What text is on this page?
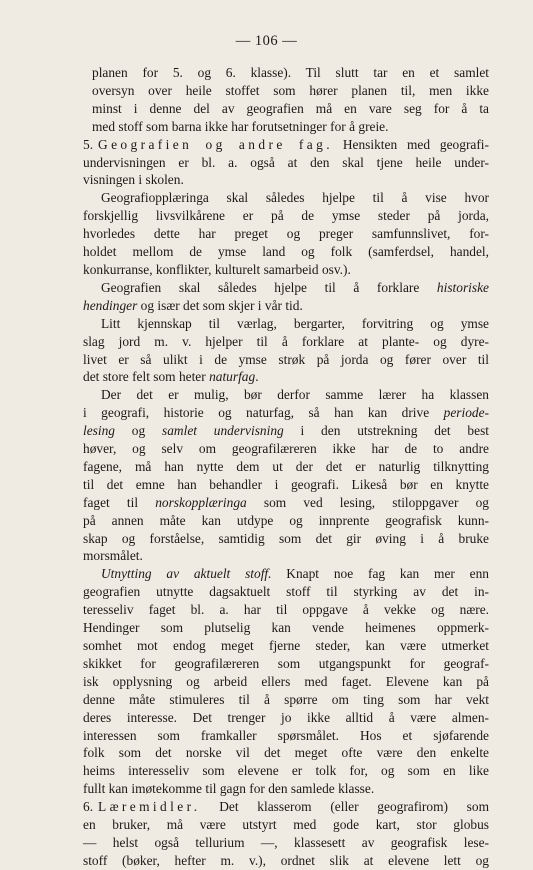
— 106 —

planen for 5. og 6. klasse). Til slutt tar en et samlet

oversyn over heile stoffet som hører planen til, men ikke

minst i denne del av geografien må en vare seg for å ta

med stoff som barna ikke har forutsetninger for å greie.

5. Geografien og andre fag. Hensikten med geografi-

undervisningen er bl. a. også at den skal tjene heile under-

visningen i skolen.

Geografiopplæringa skal således hjelpe til å vise hvor

forskjellig livsvilkårene er på de ymse steder på jorda,

hvorledes dette har preget og preger samfunnslivet, for-

holdet mellom de ymse land og folk (samferdsel, handel,

konkurranse, konflikter, kulturelt samarbeid osv.).

Geografien skal således hjelpe til å forklare historiske

hendinger og især det som skjer i vår tid.

Litt kjennskap til værlag, bergarter, forvitring og ymse

slag jord m. v. hjelper til å forklare at plante- og dyre-

livet er så ulikt i de ymse strøk på jorda og fører over til

det store felt som heter naturfag.

Der det er mulig, bør derfor samme lærer ha klassen

i geografi, historie og naturfag, så han kan drive periode-

lesing og samlet undervisning i den utstrekning det best

høver, og selv om geografilæreren ikke har de to andre

fagene, må han nytte dem ut der det er naturlig tilknytting

til det emne han behandler i geografi. Likeså bør en knytte

faget til norskopplæringa som ved lesing, stiloppgaver og

på annen måte kan utdype og innprente geografisk kunn-

skap og forståelse, samtidig som det gir øving i å bruke

morsmålet.

Utnytting av aktuelt stoff. Knapt noe fag kan mer enn

geografien utnytte dagsaktuelt stoff til styrking av det in-

teresseliv faget bl. a. har til oppgave å vekke og nære.

Hendinger som plutselig kan vende heimenes oppmerk-

somhet mot endog meget fjerne steder, kan være utmerket

skikket for geografilæreren som utgangspunkt for geograf-

isk opplysning og arbeid ellers med faget. Elevene kan på

denne måte stimuleres til å spørre om ting som har vekt

deres interesse. Det trenger jo ikke alltid å være almen-

interessen som framkaller spørsmålet. Hos et sjøfarende

folk som det norske vil det meget ofte være den enkelte

heims interesseliv som elevene er tolk for, og som en like

fullt kan imøtekomme til gagn for den samlede klasse.

6. Læremidler. Det klasserom (eller geografirom) som

en bruker, må være utstyrt med gode kart, stor globus

— helst også tellurium —, klassesett av geografisk lese-

stoff (bøker, hefter m. v.), ordnet slik at elevene lett og
